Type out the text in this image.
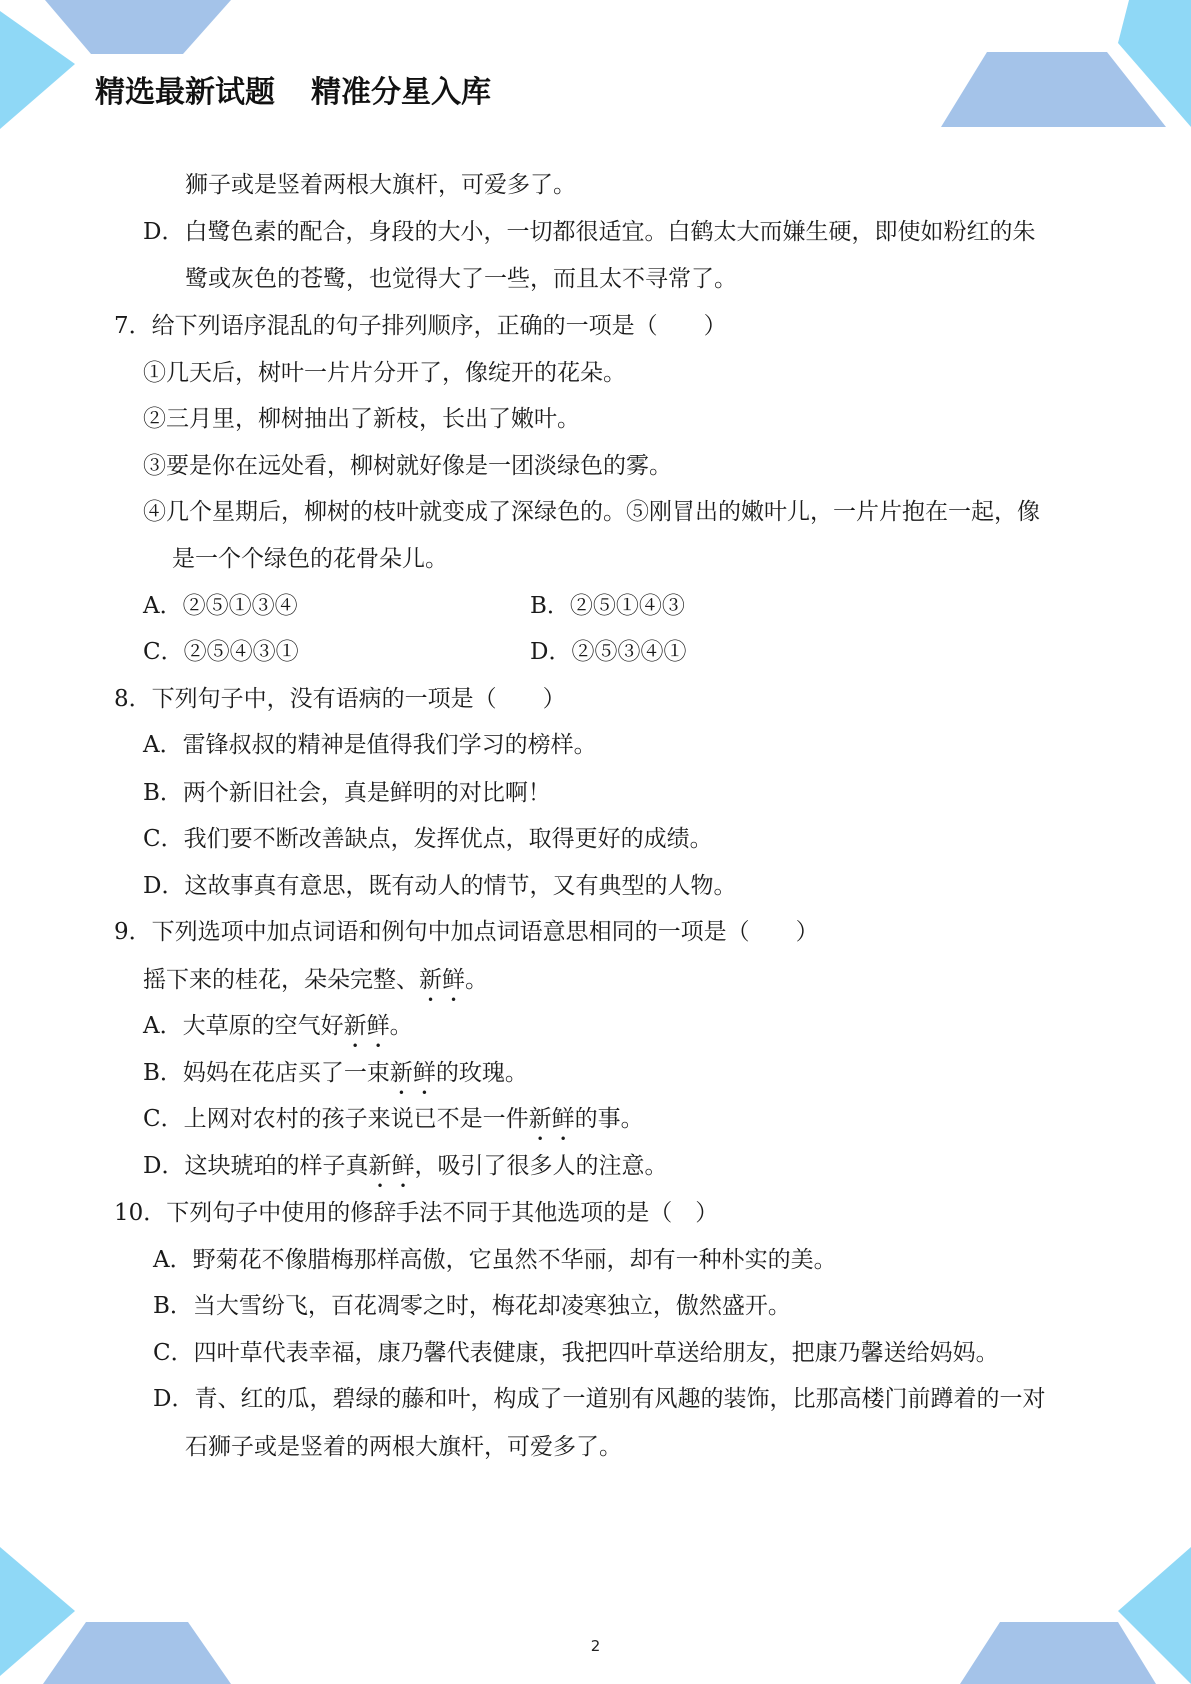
精选最新试题 精准分星入库
狮子或是竖着两根大旗杆，可爱多了。
D．白鹭色素的配合，身段的大小，一切都很适宜。白鹤太大而嫌生硬，即使如粉红的朱
鹭或灰色的苍鹭，也觉得大了一些，而且太不寻常了。
7．给下列语序混乱的句子排列顺序，正确的一项是（　　）
①几天后，树叶一片片分开了，像绽开的花朵。
②三月里，柳树抽出了新枝，长出了嫩叶。
③要是你在远处看，柳树就好像是一团淡绿色的雾。
④几个星期后，柳树的枝叶就变成了深绿色的。⑤刚冒出的嫩叶儿，一片片抱在一起，像
是一个个绿色的花骨朵儿。
A．②⑤①③④	B．②⑤①④③
C．②⑤④③①	D．②⑤③④①
8．下列句子中，没有语病的一项是（　　）
A．雷锋叔叔的精神是值得我们学习的榜样。
B．两个新旧社会，真是鲜明的对比啊！
C．我们要不断改善缺点，发挥优点，取得更好的成绩。
D．这故事真有意思，既有动人的情节，又有典型的人物。
9．下列选项中加点词语和例句中加点词语意思相同的一项是（　　）
摇下来的桂花，朵朵完整、新鲜。
A．大草原的空气好新鲜。
B．妈妈在花店买了一束新鲜的玫瑰。
C．上网对农村的孩子来说已不是一件新鲜的事。
D．这块琥珀的样子真新鲜，吸引了很多人的注意。
10．下列句子中使用的修辞手法不同于其他选项的是（　）
A．野菊花不像腊梅那样高傲，它虽然不华丽，却有一种朴实的美。
B．当大雪纷飞，百花凋零之时，梅花却凌寒独立，傲然盛开。
C．四叶草代表幸福，康乃馨代表健康，我把四叶草送给朋友，把康乃馨送给妈妈。
D．青、红的瓜，碧绿的藤和叶，构成了一道别有风趣的装饰，比那高楼门前蹲着的一对
石狮子或是竖着的两根大旗杆，可爱多了。
2
